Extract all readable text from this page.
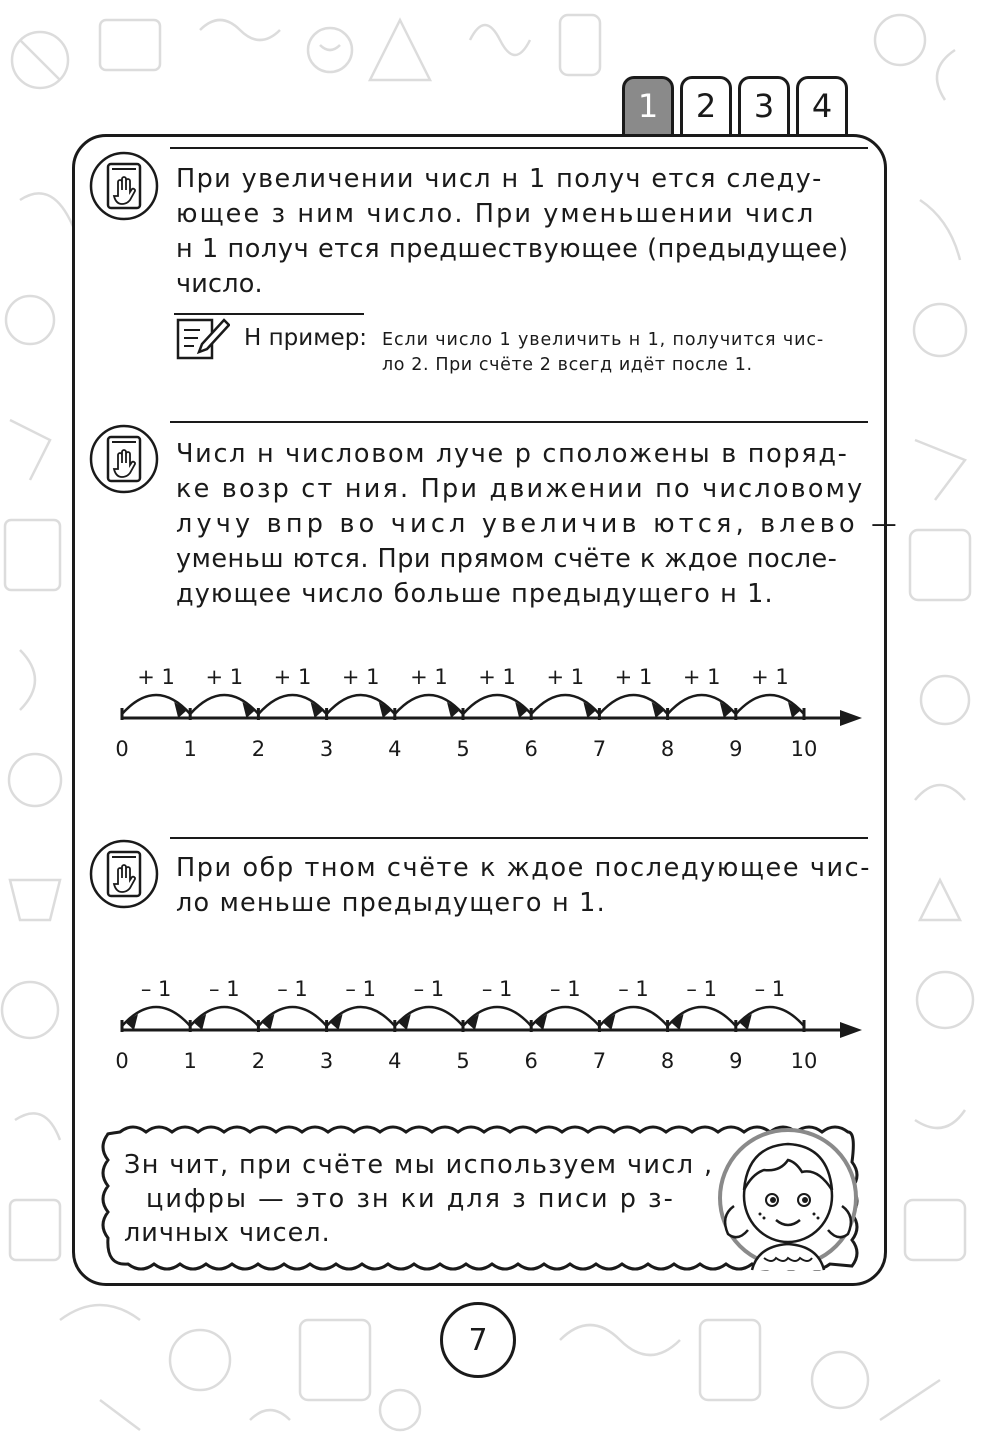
1	2	3	4
При увеличении числ н 1 получ ется следу-
ющее з ним число. При уменьшении числ
н 1 получ ется предшествующее (предыдущее)
число.
Н пример: Если число 1 увеличить н 1, получится чис-
ло 2. При счёте 2 всегд идёт после 1.
Числ н числовом луче р сположены в поряд-
ке возр ст ния. При движении по числовому
лучу впр во числ увеличив ются, влево —
уменьш ются. При прямом счёте к ждое после-
дующее число больше предыдущего н 1.
0	1	2	3	4	5	6	7	8	9 10
+ 1 + 1 + 1 + 1 + 1 + 1 + 1 + 1 + 1 + 1
При обр тном счёте к ждое последующее чис-
ло меньше предыдущего н 1.
0	1	2	3	4	5	6	7	8	9 10
– 1 – 1 – 1 – 1 – 1 – 1 – 1 – 1 – 1 – 1
Зн чит, при счёте мы используем числ ,
цифры — это зн ки для з писи р з-
личных чисел.
7
